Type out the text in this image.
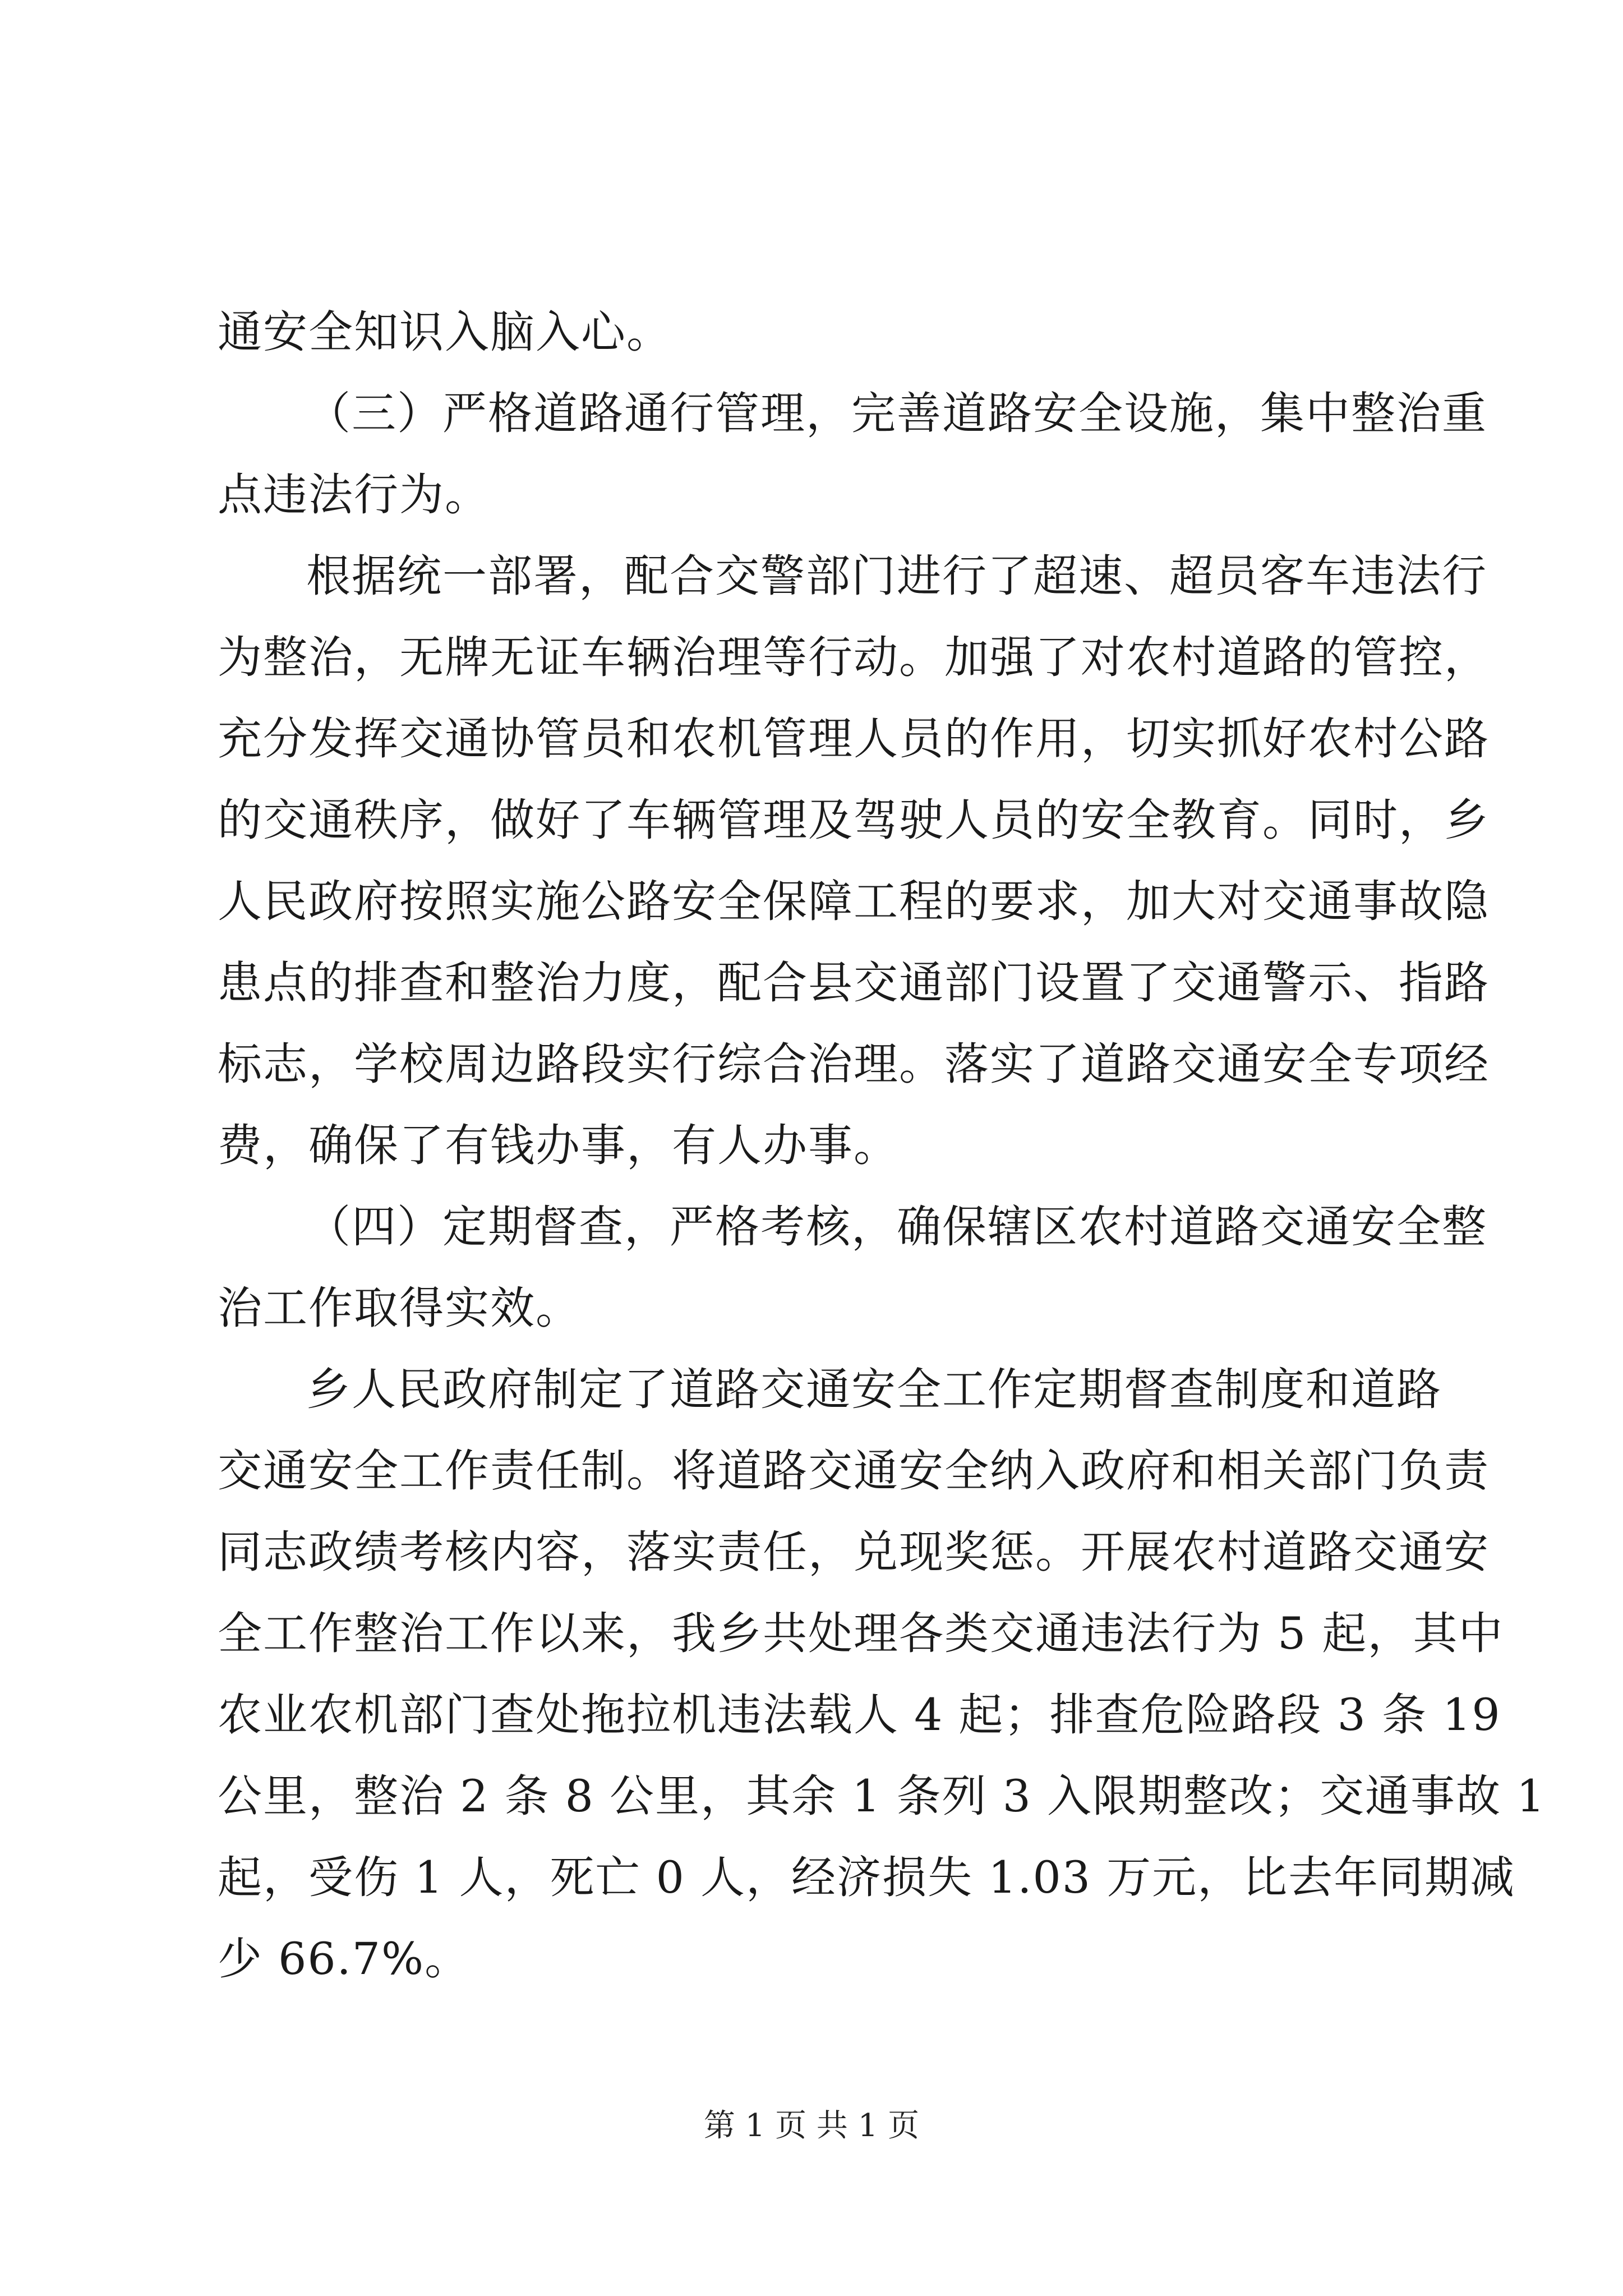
通安全知识入脑入心。
（三）严格道路通行管理，完善道路安全设施，集中整治重
点违法行为。
根据统一部署，配合交警部门进行了超速、超员客车违法行
为整治，无牌无证车辆治理等行动。加强了对农村道路的管控，
充分发挥交通协管员和农机管理人员的作用，切实抓好农村公路
的交通秩序，做好了车辆管理及驾驶人员的安全教育。同时，乡
人民政府按照实施公路安全保障工程的要求，加大对交通事故隐
患点的排查和整治力度，配合县交通部门设置了交通警示、指路
标志，学校周边路段实行综合治理。落实了道路交通安全专项经
费，确保了有钱办事，有人办事。
（四）定期督查，严格考核，确保辖区农村道路交通安全整
治工作取得实效。
乡人民政府制定了道路交通安全工作定期督查制度和道路
交通安全工作责任制。将道路交通安全纳入政府和相关部门负责
同志政绩考核内容，落实责任，兑现奖惩。开展农村道路交通安
全工作整治工作以来，我乡共处理各类交通违法行为 5 起，其中
农业农机部门查处拖拉机违法载人 4 起；排查危险路段 3 条 19
公里，整治 2 条 8 公里，其余 1 条列 3 入限期整改；交通事故 1
起，受伤 1 人，死亡 0 人，经济损失 1.03 万元，比去年同期减
少 66.7%。
第 1 页 共 1 页
